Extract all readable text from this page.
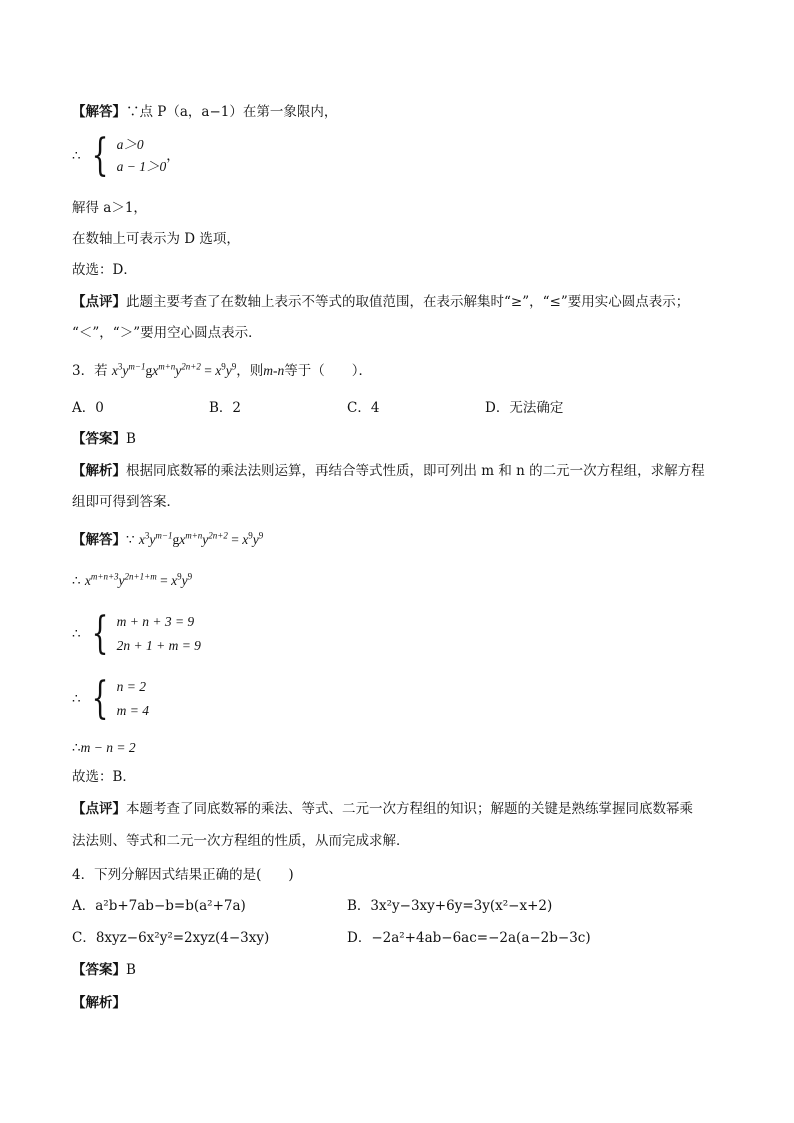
【解答】∵点 P（a，a−1）在第一象限内，
∴ { a＞0
a − 1＞0
，
解得 a＞1，
在数轴上可表示为 D 选项，
故选：D．
【点评】此题主要考查了在数轴上表示不等式的取值范围，在表示解集时“≥”，“≤”要用实心圆点表示；
“＜”，“＞”要用空心圆点表示．
3．若 $x^3y^{m-1}gx^{m+n}y^{2n+2} = x^9y^9$，则m-n等于（　　）．
A．0	B．2	C．4	D．无法确定
【答案】B
【解析】根据同底数幂的乘法法则运算，再结合等式性质，即可列出 m 和 n 的二元一次方程组，求解方程
组即可得到答案．
【解答】∵ $x^3y^{m-1}gx^{m+n}y^{2n+2} = x^9y^9$
∴ $x^{m+n+3}y^{2n+1+m} = x^9y^9$
∴ { m + n + 3 = 9
2n + 1 + m = 9
∴ { n = 2
m = 4
∴m − n = 2
故选：B．
【点评】本题考查了同底数幂的乘法、等式、二元一次方程组的知识；解题的关键是熟练掌握同底数幂乘
法法则、等式和二元一次方程组的性质，从而完成求解．
4．下列分解因式结果正确的是(　　)
A．a²b+7ab−b=b(a²+7a)	B．3x²y−3xy+6y=3y(x²−x+2)
C．8xyz−6x²y²=2xyz(4−3xy)	D．−2a²+4ab−6ac=−2a(a−2b−3c)
【答案】B
【解析】
